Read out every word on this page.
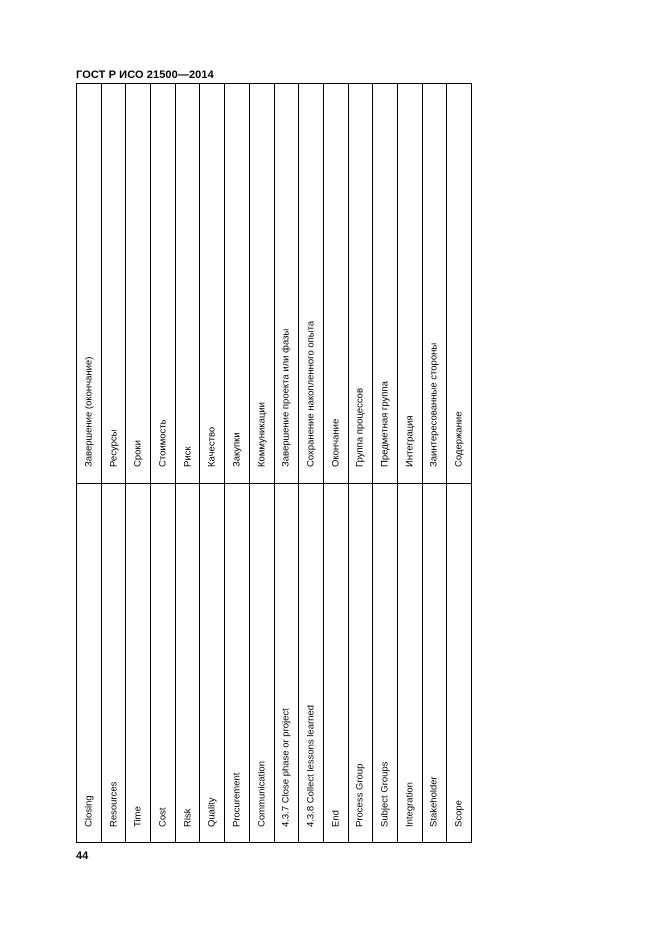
ГОСТ Р ИСО 21500—2014
Завершение (окончание)
Closing
Ресурсы
Resources
Сроки
Time
Стоимость
Cost
Риск
Risk
Качество
Quality
Закупки
Procurement
Коммуникации
Communication
Завершение проекта или фазы
4.3.7 Close phase or project
Сохранение накопленного опыта
4.3.8 Collect lessons learned
Окончание
End
Группа процессов
Process Group
Предметная группа
Subject Groups
Интеграция
Integration
Заинтересованные стороны
Stakeholder
Содержание
Scope
44
